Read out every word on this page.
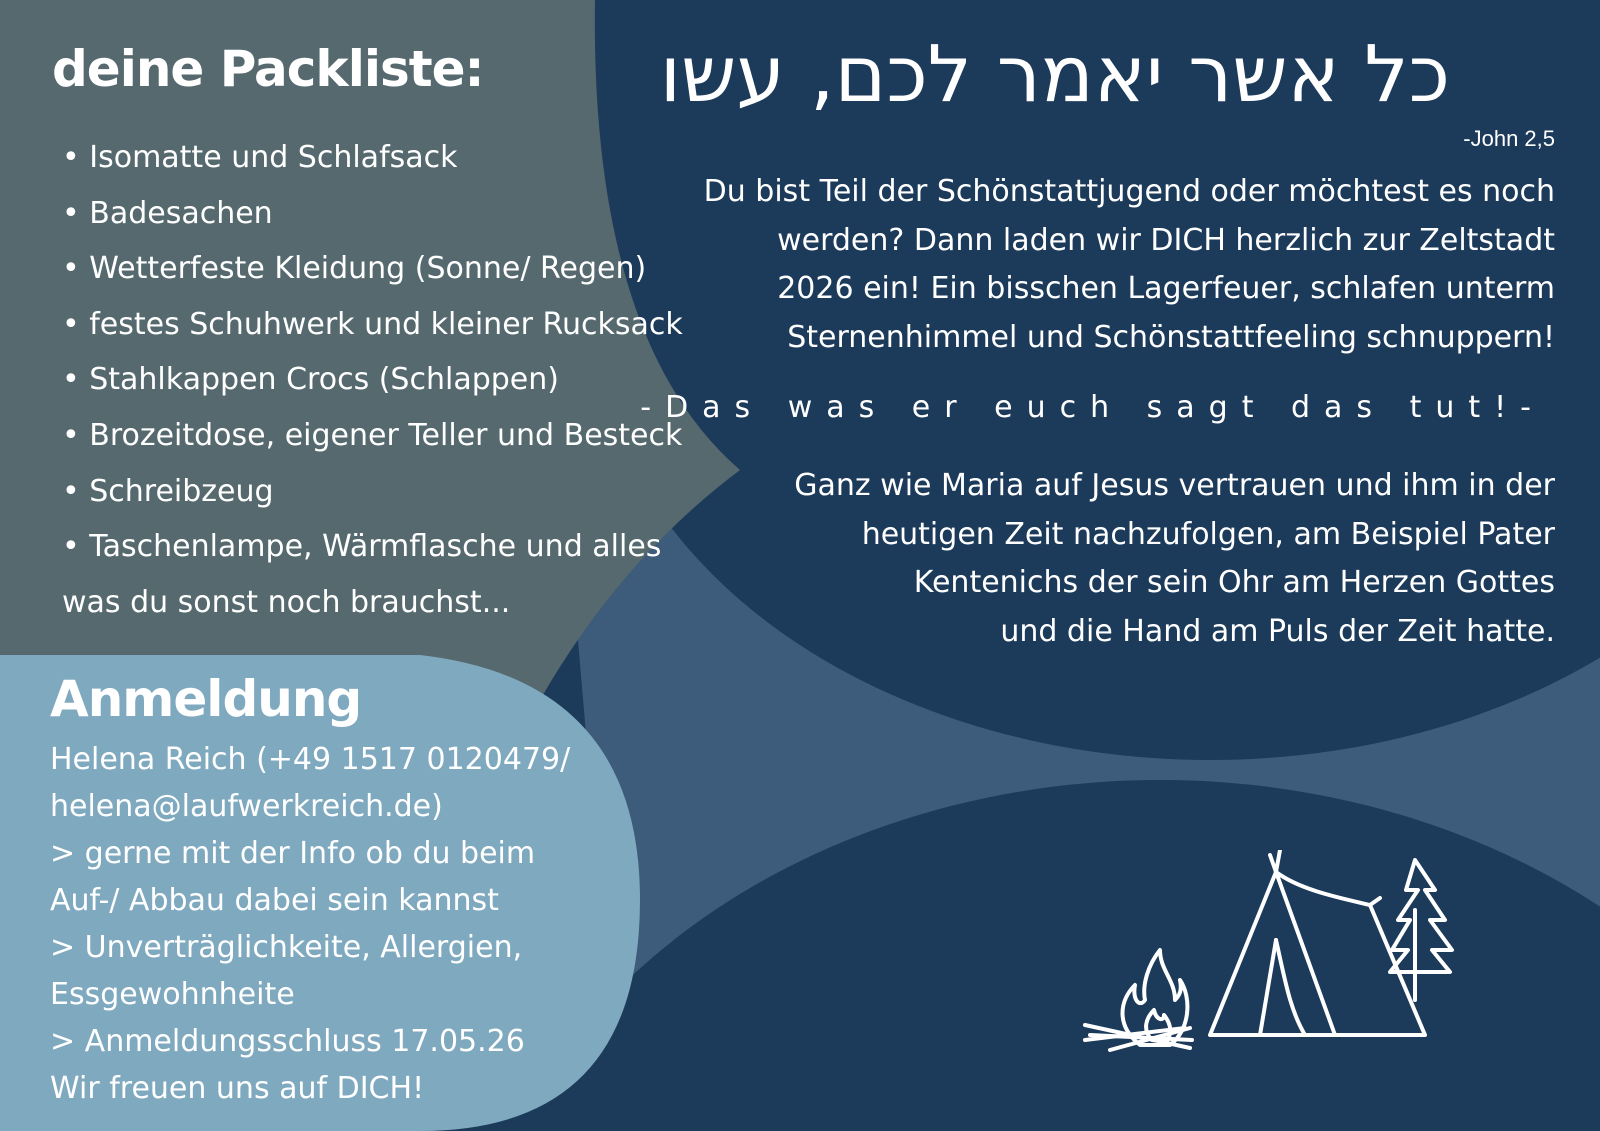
deine Packliste:
• Isomatte und Schlafsack
• Badesachen
• Wetterfeste Kleidung (Sonne/ Regen)
• festes Schuhwerk und kleiner Rucksack
• Stahlkappen Crocs (Schlappen)
• Brozeitdose, eigener Teller und Besteck
• Schreibzeug
• Taschenlampe, Wärmflasche und alles was du sonst noch brauchst...
כל אשר יאמר לכם, עשו
-John 2,5
Du bist Teil der Schönstattjugend oder möchtest es noch
werden? Dann laden wir DICH herzlich zur Zeltstadt
2026 ein! Ein bisschen Lagerfeuer, schlafen unterm
Sternenhimmel und Schönstattfeeling schnuppern!
-Das was er euch sagt das tut!-
Ganz wie Maria auf Jesus vertrauen und ihm in der
heutigen Zeit nachzufolgen, am Beispiel Pater
Kentenichs der sein Ohr am Herzen Gottes
und die Hand am Puls der Zeit hatte.
Anmeldung
Helena Reich (+49 1517 0120479/
helena@laufwerkreich.de)
> gerne mit der Info ob du beim
Auf-/ Abbau dabei sein kannst
> Unverträglichkeite, Allergien,
Essgewohnheite
> Anmeldungsschluss 17.05.26
Wir freuen uns auf DICH!
